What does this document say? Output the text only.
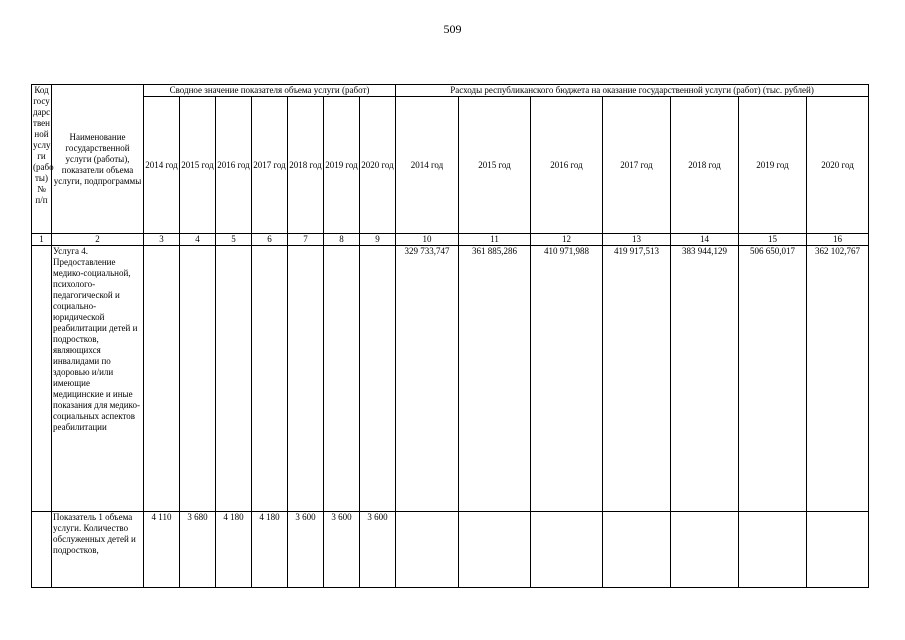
509
Код госу дарс твен ной услу ги (рабо ты) № п/п	Наименование государственной услуги (работы), показатели объема услуги, подпрограммы	Сводное значение показателя объема услуги (работ)							Расходы республиканского бюджета на оказание государственной услуги (работ) (тыс. рублей)						
		2014 год	2015 год	2016 год	2017 год	2018 год	2019 год	2020 год	2014 год	2015 год	2016 год	2017 год	2018 год	2019 год	2020 год
1	2	3	4	5	6	7	8	9	10	11	12	13	14	15	16
	Услуга 4. Предоставление медико-социальной, психолого-педагогической и социально-юридической реабилитации детей и подростков, являющихся инвалидами по здоровью и/или имеющие медицинские и иные показания для медико-социальных аспектов реабилитации								329 733,747	361 885,286	410 971,988	419 917,513	383 944,129	506 650,017	362 102,767
	Показатель 1 объема услуги. Количество обслуженных детей и подростков,	4 110	3 680	4 180	4 180	3 600	3 600	3 600							
